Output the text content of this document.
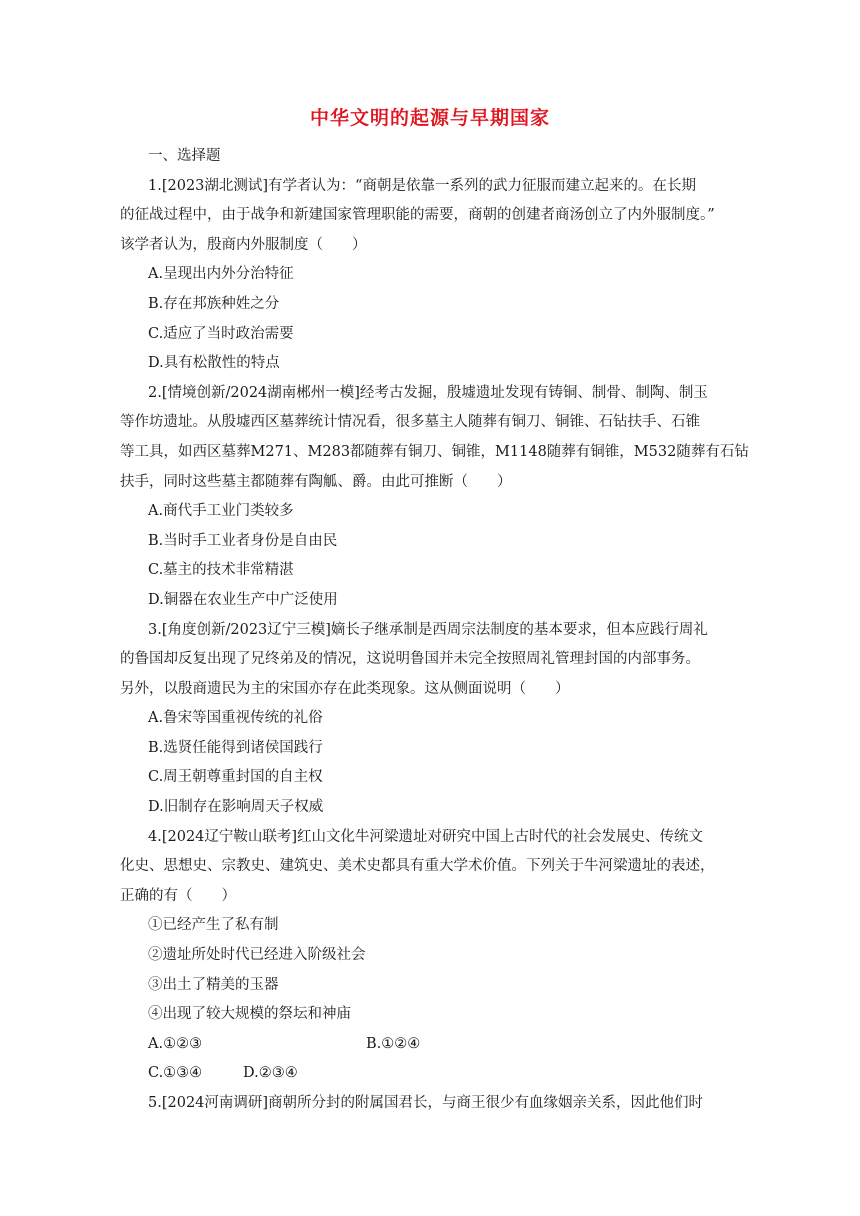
中华文明的起源与早期国家
一、选择题
1.[2023湖北测试]有学者认为：“商朝是依靠一系列的武力征服而建立起来的。在长期
的征战过程中，由于战争和新建国家管理职能的需要，商朝的创建者商汤创立了内外服制度。”
该学者认为，殷商内外服制度（　　）
A.呈现出内外分治特征
B.存在邦族种姓之分
C.适应了当时政治需要
D.具有松散性的特点
2.[情境创新/2024湖南郴州一模]经考古发掘，殷墟遗址发现有铸铜、制骨、制陶、制玉
等作坊遗址。从殷墟西区墓葬统计情况看，很多墓主人随葬有铜刀、铜锥、石钻扶手、石锥
等工具，如西区墓葬M271、M283都随葬有铜刀、铜锥，M1148随葬有铜锥，M532随葬有石钻
扶手，同时这些墓主都随葬有陶觚、爵。由此可推断（　　）
A.商代手工业门类较多
B.当时手工业者身份是自由民
C.墓主的技术非常精湛
D.铜器在农业生产中广泛使用
3.[角度创新/2023辽宁三模]嫡长子继承制是西周宗法制度的基本要求，但本应践行周礼
的鲁国却反复出现了兄终弟及的情况，这说明鲁国并未完全按照周礼管理封国的内部事务。
另外，以殷商遗民为主的宋国亦存在此类现象。这从侧面说明（　　）
A.鲁宋等国重视传统的礼俗
B.选贤任能得到诸侯国践行
C.周王朝尊重封国的自主权
D.旧制存在影响周天子权威
4.[2024辽宁鞍山联考]红山文化牛河梁遗址对研究中国上古时代的社会发展史、传统文
化史、思想史、宗教史、建筑史、美术史都具有重大学术价值。下列关于牛河梁遗址的表述，
正确的有（　　）
①已经产生了私有制
②遗址所处时代已经进入阶级社会
③出土了精美的玉器
④出现了较大规模的祭坛和神庙
A.①②③	B.①②④
C.①③④	D.②③④
5.[2024河南调研]商朝所分封的附属国君长，与商王很少有血缘姻亲关系，因此他们时
